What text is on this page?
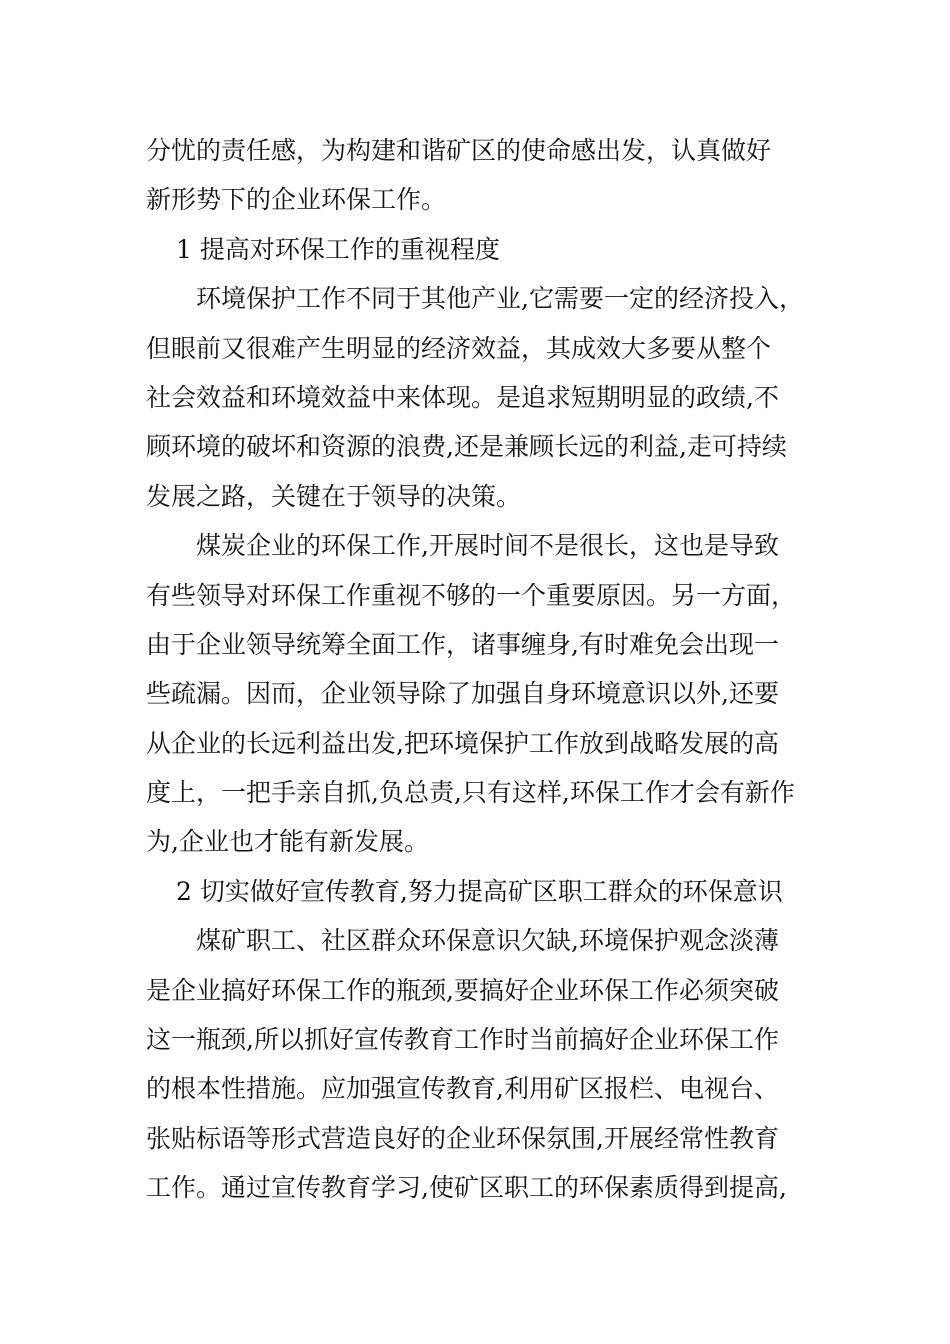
分忧的责任感，为构建和谐矿区的使命感出发，认真做好
新形势下的企业环保工作。
1 提高对环保工作的重视程度
环境保护工作不同于其他产业,它需要一定的经济投入，
但眼前又很难产生明显的经济效益，其成效大多要从整个
社会效益和环境效益中来体现。是追求短期明显的政绩,不
顾环境的破坏和资源的浪费,还是兼顾长远的利益,走可持续
发展之路，关键在于领导的决策。
煤炭企业的环保工作,开展时间不是很长，这也是导致
有些领导对环保工作重视不够的一个重要原因。另一方面，
由于企业领导统筹全面工作，诸事缠身,有时难免会出现一
些疏漏。因而，企业领导除了加强自身环境意识以外,还要
从企业的长远利益出发,把环境保护工作放到战略发展的高
度上，一把手亲自抓,负总责,只有这样,环保工作才会有新作
为,企业也才能有新发展。
2 切实做好宣传教育,努力提高矿区职工群众的环保意识
煤矿职工、社区群众环保意识欠缺,环境保护观念淡薄
是企业搞好环保工作的瓶颈,要搞好企业环保工作必须突破
这一瓶颈,所以抓好宣传教育工作时当前搞好企业环保工作
的根本性措施。应加强宣传教育,利用矿区报栏、电视台、
张贴标语等形式营造良好的企业环保氛围,开展经常性教育
工作。通过宣传教育学习,使矿区职工的环保素质得到提高,
